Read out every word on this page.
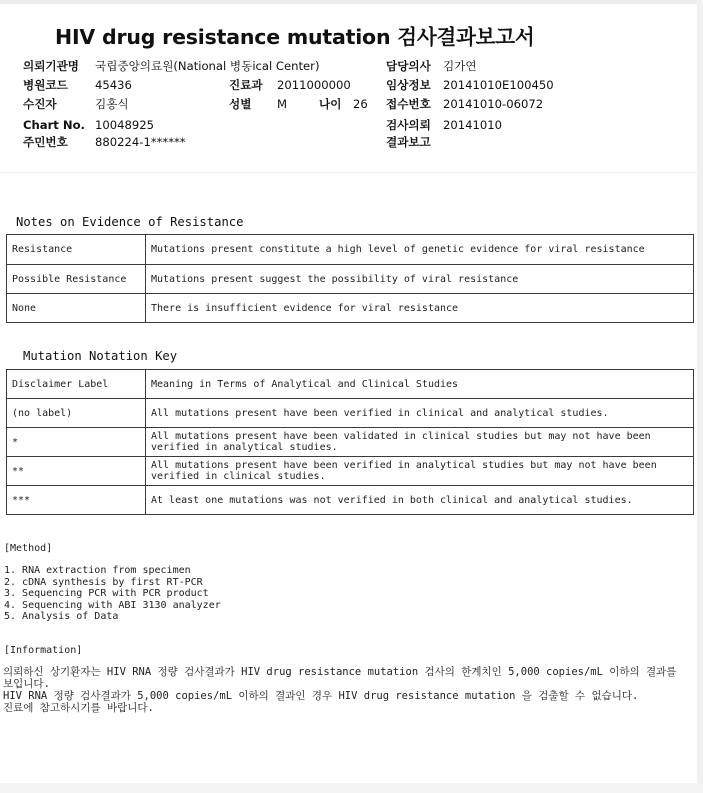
HIV drug resistance mutation 검사결과보고서
의뢰기관명 국립중앙의료원(National 병동ical Center)	담당의사 김가연
병원코드 45436	진료과 2011000000	임상정보 20141010E100450
수진자	김홍식	성별 M	나이 26 접수번호 20141010-06072
Chart No. 10048925	검사의뢰 20141010
주민번호 880224-1******	결과보고
Notes on Evidence of Resistance
Resistance	Mutations present constitute a high level of genetic evidence for viral resistance
Possible Resistance	Mutations present suggest the possibility of viral resistance
None	There is insufficient evidence for viral resistance
Mutation Notation Key
Disclaimer Label	Meaning in Terms of Analytical and Clinical Studies
(no label)	All mutations present have been verified in clinical and analytical studies.
*	All mutations present have been validated in clinical studies but may not have been verified in analytical studies.
**	All mutations present have been verified in analytical studies but may not have been verified in clinical studies.
***	At least one mutations was not verified in both clinical and analytical studies.
[Method]
1. RNA extraction from specimen
2. cDNA synthesis by first RT-PCR
3. Sequencing PCR with PCR product
4. Sequencing with ABI 3130 analyzer
5. Analysis of Data
[Information]
의뢰하신 상기환자는 HIV RNA 정량 검사결과가 HIV drug resistance mutation 검사의 한계치인 5,000 copies/mL 이하의 결과를 보입니다.
HIV RNA 정량 검사결과가 5,000 copies/mL 이하의 결과인 경우 HIV drug resistance mutation 을 검출할 수 없습니다.
진료에 참고하시기를 바랍니다.
